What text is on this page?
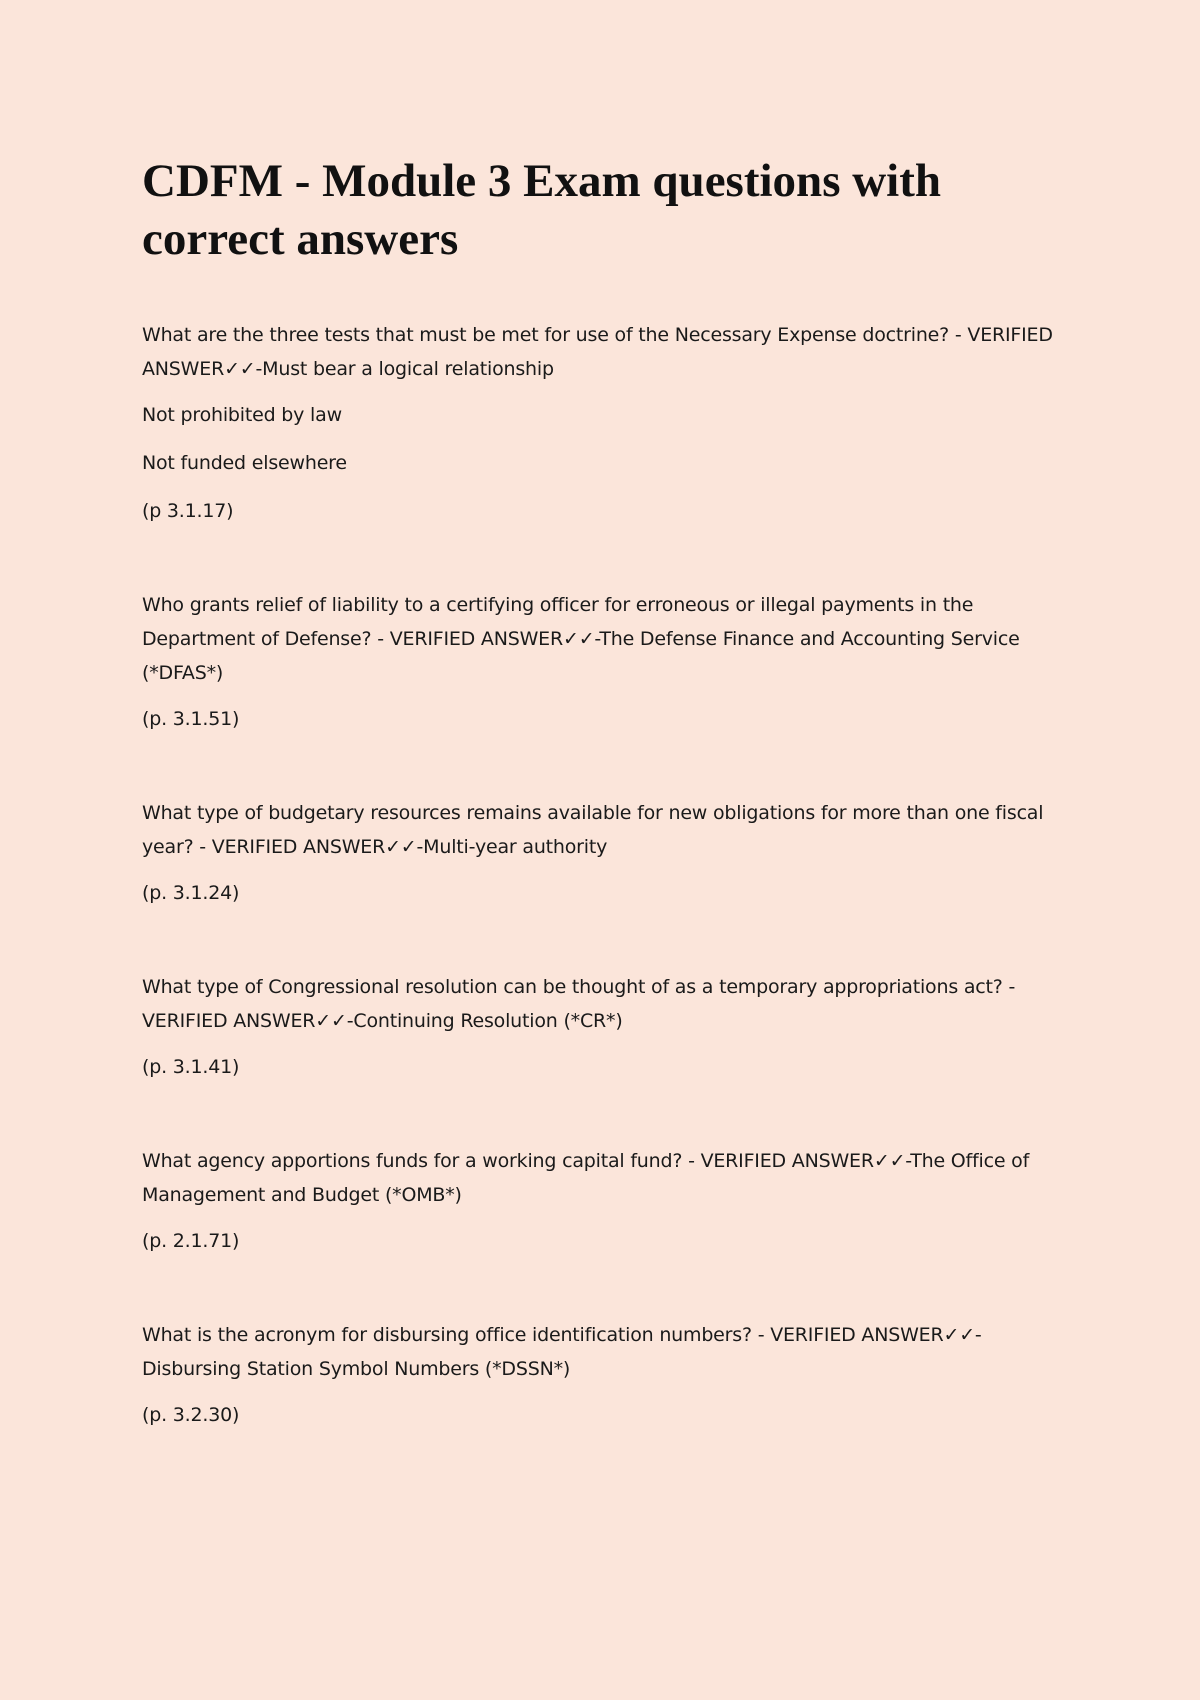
CDFM - Module 3 Exam questions with correct answers

What are the three tests that must be met for use of the Necessary Expense doctrine? - VERIFIED ANSWER✓✓-Must bear a logical relationship

Not prohibited by law

Not funded elsewhere

(p 3.1.17)

Who grants relief of liability to a certifying officer for erroneous or illegal payments in the Department of Defense? - VERIFIED ANSWER✓✓-The Defense Finance and Accounting Service (*DFAS*)

(p. 3.1.51)

What type of budgetary resources remains available for new obligations for more than one fiscal year? - VERIFIED ANSWER✓✓-Multi-year authority

(p. 3.1.24)

What type of Congressional resolution can be thought of as a temporary appropriations act? - VERIFIED ANSWER✓✓-Continuing Resolution (*CR*)

(p. 3.1.41)

What agency apportions funds for a working capital fund? - VERIFIED ANSWER✓✓-The Office of Management and Budget (*OMB*)

(p. 2.1.71)

What is the acronym for disbursing office identification numbers? - VERIFIED ANSWER✓✓-Disbursing Station Symbol Numbers (*DSSN*)

(p. 3.2.30)
